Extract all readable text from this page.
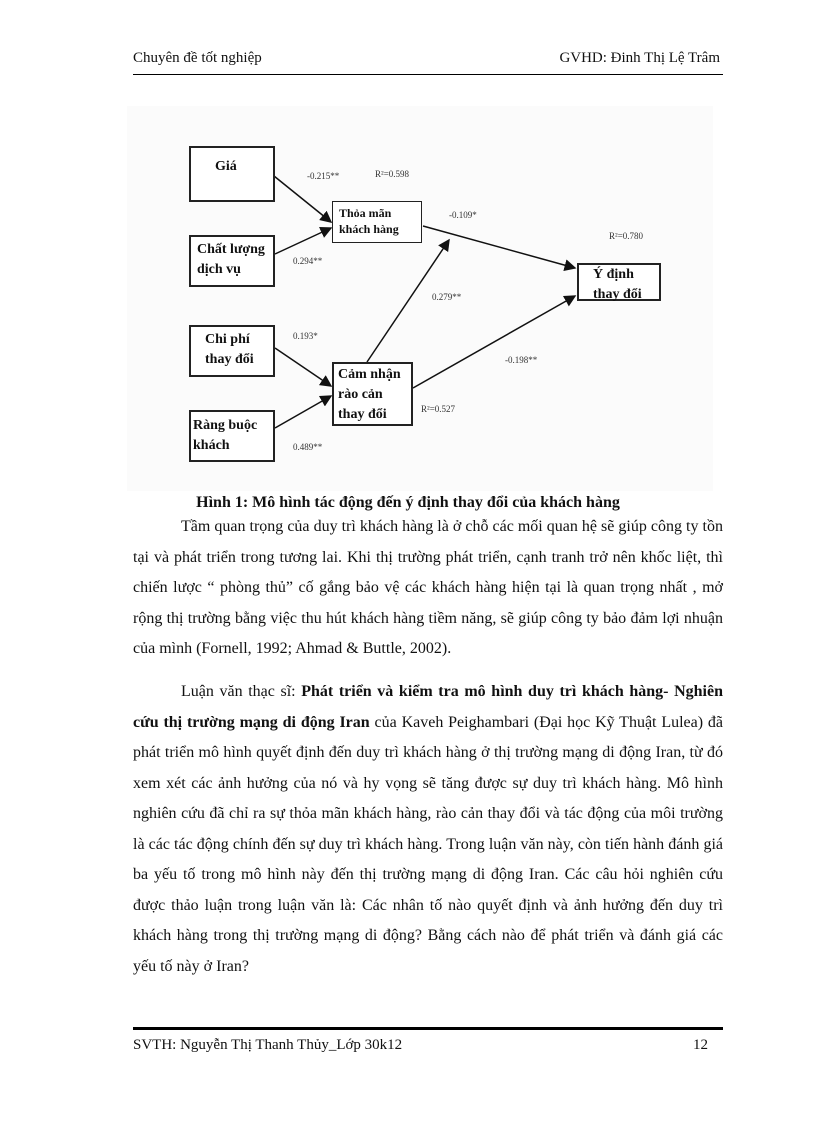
Chuyên đề tốt nghiệp	GVHD: Đinh Thị Lệ Trâm
Giá
Chất lượng dịch vụ
Chi phí thay đổi
Ràng buộc khách
Thỏa mãn khách hàng
Cảm nhận rào cản thay đổi
Ý định thay đổi
-0.215**	R²=0.598
-0.109*
R²=0.780
0.294**
0.279**
0.193*
-0.198**
R²=0.527
0.489**
Hình 1: Mô hình tác động đến ý định thay đổi của khách hàng

Tầm quan trọng của duy trì khách hàng là ở chỗ các mối quan hệ sẽ giúp công ty tồn tại và phát triển trong tương lai. Khi thị trường phát triển, cạnh tranh trở nên khốc liệt, thì chiến lược “ phòng thủ” cố gắng bảo vệ các khách hàng hiện tại là quan trọng nhất , mở rộng thị trường bằng việc thu hút khách hàng tiềm năng, sẽ giúp công ty bảo đảm lợi nhuận của mình (Fornell, 1992; Ahmad & Buttle, 2002).

Luận văn thạc sĩ: Phát triển và kiểm tra mô hình duy trì khách hàng- Nghiên cứu thị trường mạng di động Iran của Kaveh Peighambari (Đại học Kỹ Thuật Lulea) đã phát triển mô hình quyết định đến duy trì khách hàng ở thị trường mạng di động Iran, từ đó xem xét các ảnh hưởng của nó và hy vọng sẽ tăng được sự duy trì khách hàng. Mô hình nghiên cứu đã chỉ ra sự thỏa mãn khách hàng, rào cản thay đổi và tác động của môi trường là các tác động chính đến sự duy trì khách hàng. Trong luận văn này, còn tiến hành đánh giá ba yếu tố trong mô hình này đến thị trường mạng di động Iran. Các câu hỏi nghiên cứu được thảo luận trong luận văn là: Các nhân tố nào quyết định và ảnh hưởng đến duy trì khách hàng trong thị trường mạng di động? Bằng cách nào để phát triển và đánh giá các yếu tố này ở Iran?

SVTH: Nguyễn Thị Thanh Thủy_Lớp 30k12	12
